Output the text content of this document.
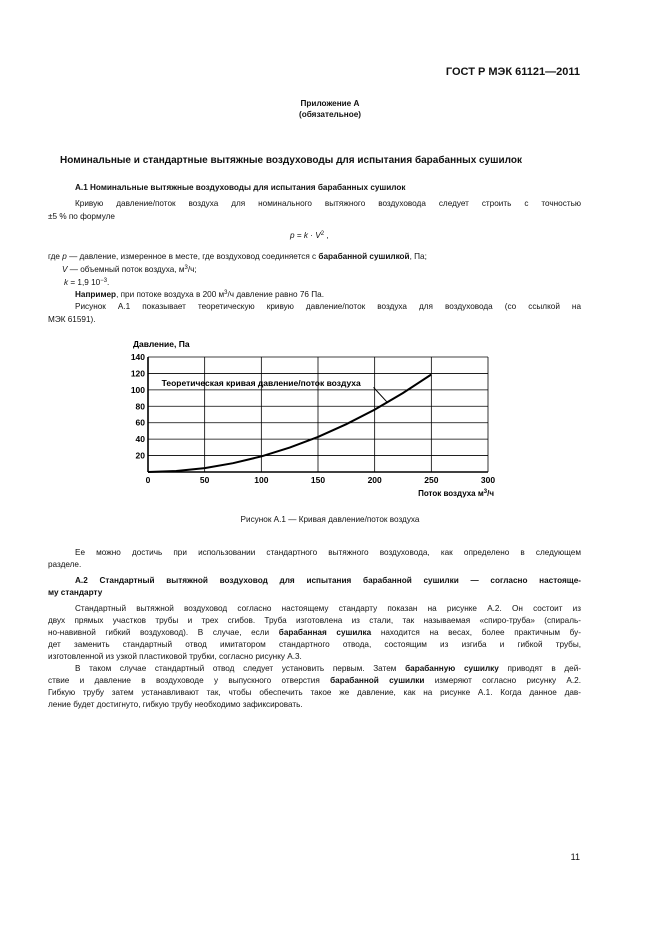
ГОСТ Р МЭК 61121—2011
Приложение А
(обязательное)
Номинальные и стандартные вытяжные воздуховоды для испытания барабанных сушилок
А.1 Номинальные вытяжные воздуховоды для испытания барабанных сушилок
Кривую давление/поток воздуха для номинального вытяжного воздуховода следует строить с точностью
±5 % по формуле
$p = k \cdot V^2$ ,
где p — давление, измеренное в месте, где воздуховод соединяется с барабанной сушилкой, Па;
V — объемный поток воздуха, $м^3/ч$;
k = 1,9 $10^{-3}$.
Например, при потоке воздуха в 200 $м^3/ч$ давление равно 76 Па.
Рисунок А.1 показывает теоретическую кривую давление/поток воздуха для воздуховода (со ссылкой на
МЭК 61591).
0	50	100	150	200	250	300
20
40
60
80
100
120
140
Теоретическая кривая давление/поток воздуха
Давление, Па
Поток воздуха $м^3/ч$
Рисунок А.1 — Кривая давление/поток воздуха
Ее можно достичь при использовании стандартного вытяжного воздуховода, как определено в следующем
разделе.
А.2 Стандартный вытяжной воздуховод для испытания барабанной сушилки — согласно настояще-
му стандарту
Стандартный вытяжной воздуховод согласно настоящему стандарту показан на рисунке А.2. Он состоит из
двух прямых участков трубы и трех сгибов. Труба изготовлена из стали, так называемая «спиро-труба» (спираль-
но-навивной гибкий воздуховод). В случае, если барабанная сушилка находится на весах, более практичным бу-
дет заменить стандартный отвод имитатором стандартного отвода, состоящим из изгиба и гибкой трубы,
изготовленной из узкой пластиковой трубки, согласно рисунку А.3.
В таком случае стандартный отвод следует установить первым. Затем барабанную сушилку приводят в дей-
ствие и давление в воздуховоде у выпускного отверстия барабанной сушилки измеряют согласно рисунку А.2.
Гибкую трубу затем устанавливают так, чтобы обеспечить такое же давление, как на рисунке А.1. Когда данное дав-
ление будет достигнуто, гибкую трубу необходимо зафиксировать.
11
